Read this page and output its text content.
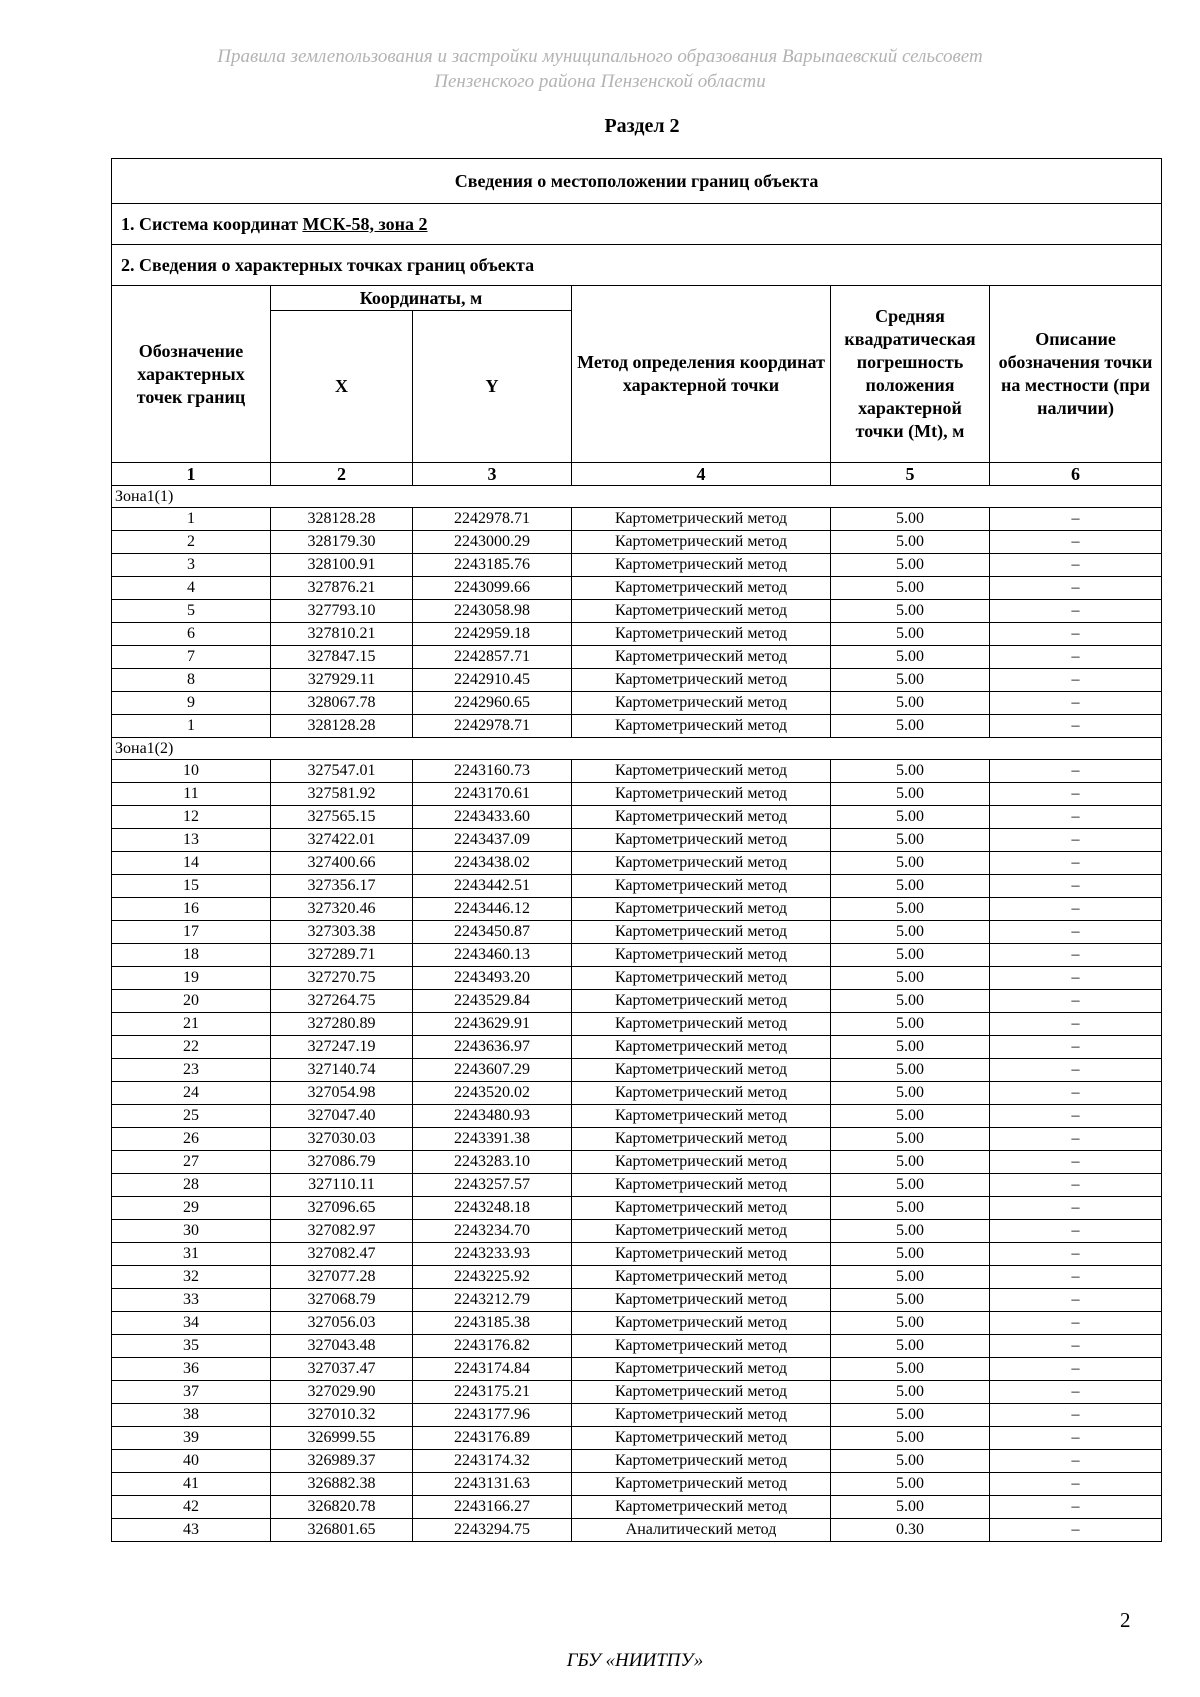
Правила землепользования и застройки муниципального образования Варыпаевский сельсовет
Пензенского района Пензенской области
Раздел 2
Сведения о местоположении границ объекта					
1. Система координат МСК-58, зона 2					
2. Сведения о характерных точках границ объекта					
Обозначение характерных точек границ	Координаты, м		Метод определения координат характерной точки	Средняя квадратическая погрешность положения характерной точки (Mt), м	Описание обозначения точки на местности (при наличии)
	X	Y			
1	2	3	4	5	6
Зона1(1)					
1	328128.28	2242978.71	Картометрический метод	5.00	–
2	328179.30	2243000.29	Картометрический метод	5.00	–
3	328100.91	2243185.76	Картометрический метод	5.00	–
4	327876.21	2243099.66	Картометрический метод	5.00	–
5	327793.10	2243058.98	Картометрический метод	5.00	–
6	327810.21	2242959.18	Картометрический метод	5.00	–
7	327847.15	2242857.71	Картометрический метод	5.00	–
8	327929.11	2242910.45	Картометрический метод	5.00	–
9	328067.78	2242960.65	Картометрический метод	5.00	–
1	328128.28	2242978.71	Картометрический метод	5.00	–
Зона1(2)					
10	327547.01	2243160.73	Картометрический метод	5.00	–
11	327581.92	2243170.61	Картометрический метод	5.00	–
12	327565.15	2243433.60	Картометрический метод	5.00	–
13	327422.01	2243437.09	Картометрический метод	5.00	–
14	327400.66	2243438.02	Картометрический метод	5.00	–
15	327356.17	2243442.51	Картометрический метод	5.00	–
16	327320.46	2243446.12	Картометрический метод	5.00	–
17	327303.38	2243450.87	Картометрический метод	5.00	–
18	327289.71	2243460.13	Картометрический метод	5.00	–
19	327270.75	2243493.20	Картометрический метод	5.00	–
20	327264.75	2243529.84	Картометрический метод	5.00	–
21	327280.89	2243629.91	Картометрический метод	5.00	–
22	327247.19	2243636.97	Картометрический метод	5.00	–
23	327140.74	2243607.29	Картометрический метод	5.00	–
24	327054.98	2243520.02	Картометрический метод	5.00	–
25	327047.40	2243480.93	Картометрический метод	5.00	–
26	327030.03	2243391.38	Картометрический метод	5.00	–
27	327086.79	2243283.10	Картометрический метод	5.00	–
28	327110.11	2243257.57	Картометрический метод	5.00	–
29	327096.65	2243248.18	Картометрический метод	5.00	–
30	327082.97	2243234.70	Картометрический метод	5.00	–
31	327082.47	2243233.93	Картометрический метод	5.00	–
32	327077.28	2243225.92	Картометрический метод	5.00	–
33	327068.79	2243212.79	Картометрический метод	5.00	–
34	327056.03	2243185.38	Картометрический метод	5.00	–
35	327043.48	2243176.82	Картометрический метод	5.00	–
36	327037.47	2243174.84	Картометрический метод	5.00	–
37	327029.90	2243175.21	Картометрический метод	5.00	–
38	327010.32	2243177.96	Картометрический метод	5.00	–
39	326999.55	2243176.89	Картометрический метод	5.00	–
40	326989.37	2243174.32	Картометрический метод	5.00	–
41	326882.38	2243131.63	Картометрический метод	5.00	–
42	326820.78	2243166.27	Картометрический метод	5.00	–
43	326801.65	2243294.75	Аналитический метод	0.30	–
2
ГБУ «НИИТПУ»
